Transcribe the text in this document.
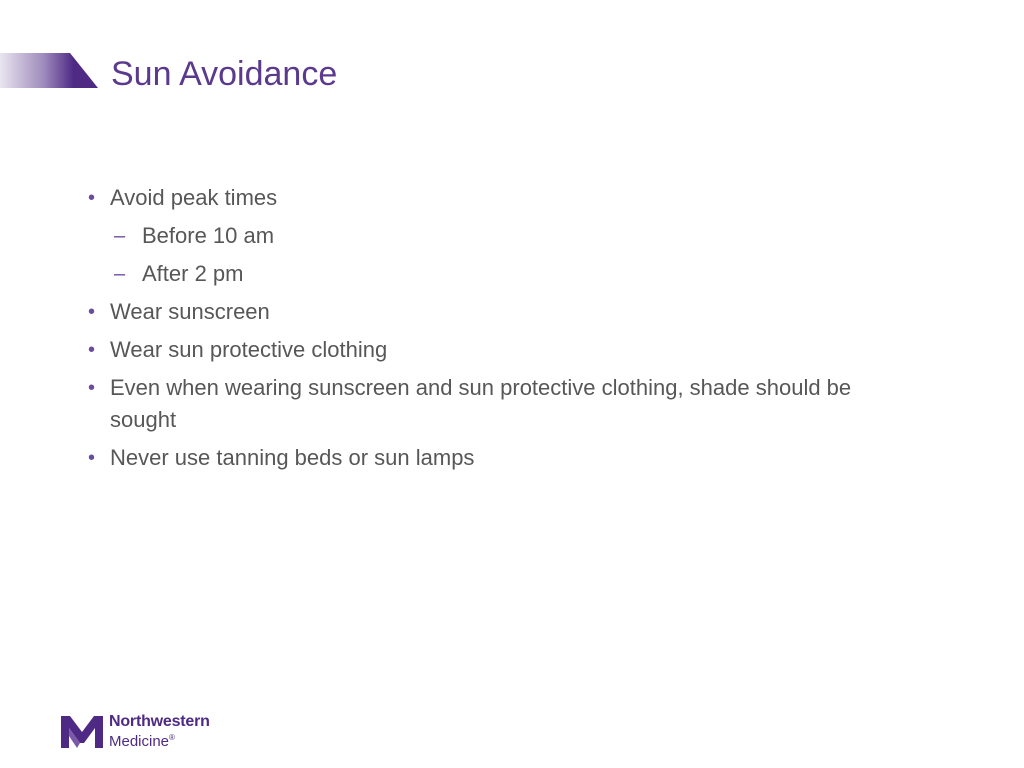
Sun Avoidance
• Avoid peak times
– Before 10 am
– After 2 pm
• Wear sunscreen
• Wear sun protective clothing
• Even when wearing sunscreen and sun protective clothing, shade should be sought
• Never use tanning beds or sun lamps
Northwestern
Medicine®
